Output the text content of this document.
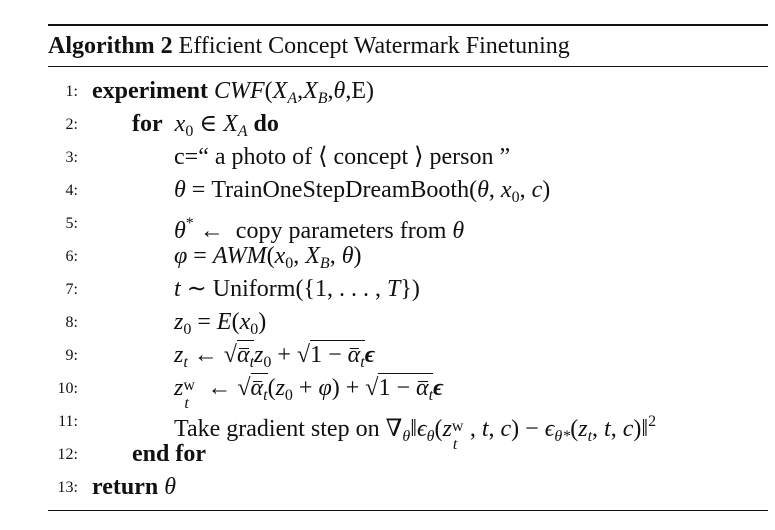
Algorithm 2 Efficient Concept Watermark Finetuning
1: experiment $CWF(X_A,X_B,\theta,E)$
2: for $x_0$ ∈ $X_A$ do
3:	c=“ a photo of ⟨ concept ⟩ person ”
4:	θ = TrainOneStepDreamBooth(θ, $x_0$, c)
5:	θ* ←  copy parameters from θ
6:	$\varphi = AWM(x_0$, $X_B$, θ)
7:	t ∼ Uniform({1, . . . , T})
8:	$z_0 = E(x_0)$
9:	$z_t$ ← $√\alpha_tz_0 + √1 - \alpha_t\epsilon$
10:	z w
t
← $√\alpha_t(z_0 + \varphi) + √1 - \alpha_t\epsilon$
11:	Take gradient step on $\nabla_\theta‖\epsilon_\theta(z$ w
t
, t, $c) - \epsilon_{\theta*}(z_t$, t, c)‖$^2$
12: end for
13: return θ
